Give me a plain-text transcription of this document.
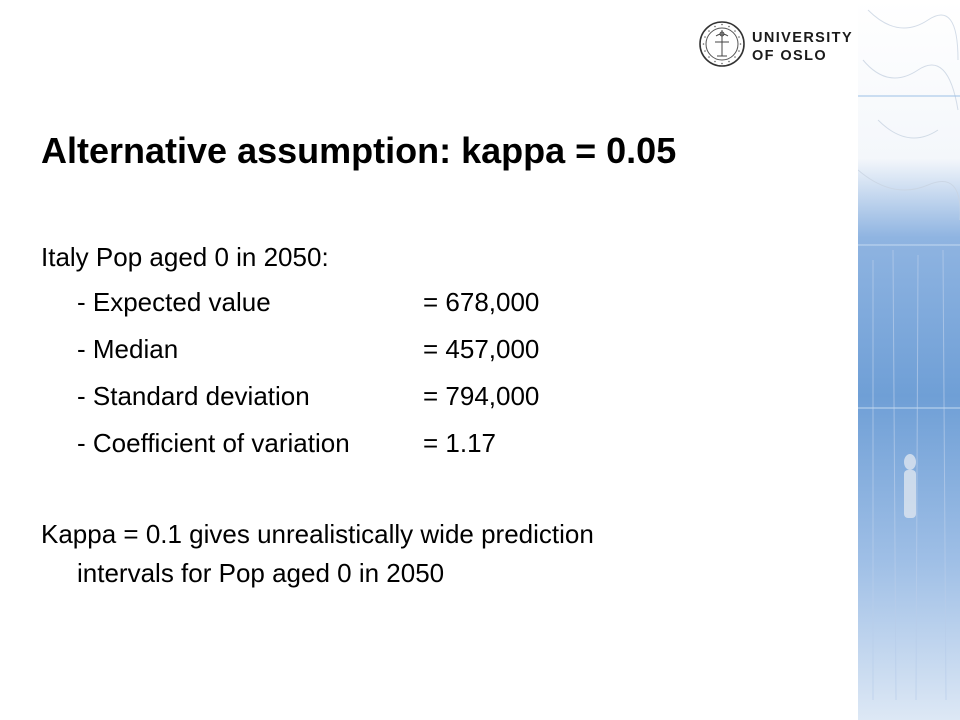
UNIVERSITY
OF OSLO
Alternative assumption: kappa = 0.05
Italy Pop aged 0 in 2050:
- Expected value	= 678,000
- Median	= 457,000
- Standard deviation	= 794,000
- Coefficient of variation	= 1.17
Kappa = 0.1 gives unrealistically wide prediction
intervals for Pop aged 0 in 2050
